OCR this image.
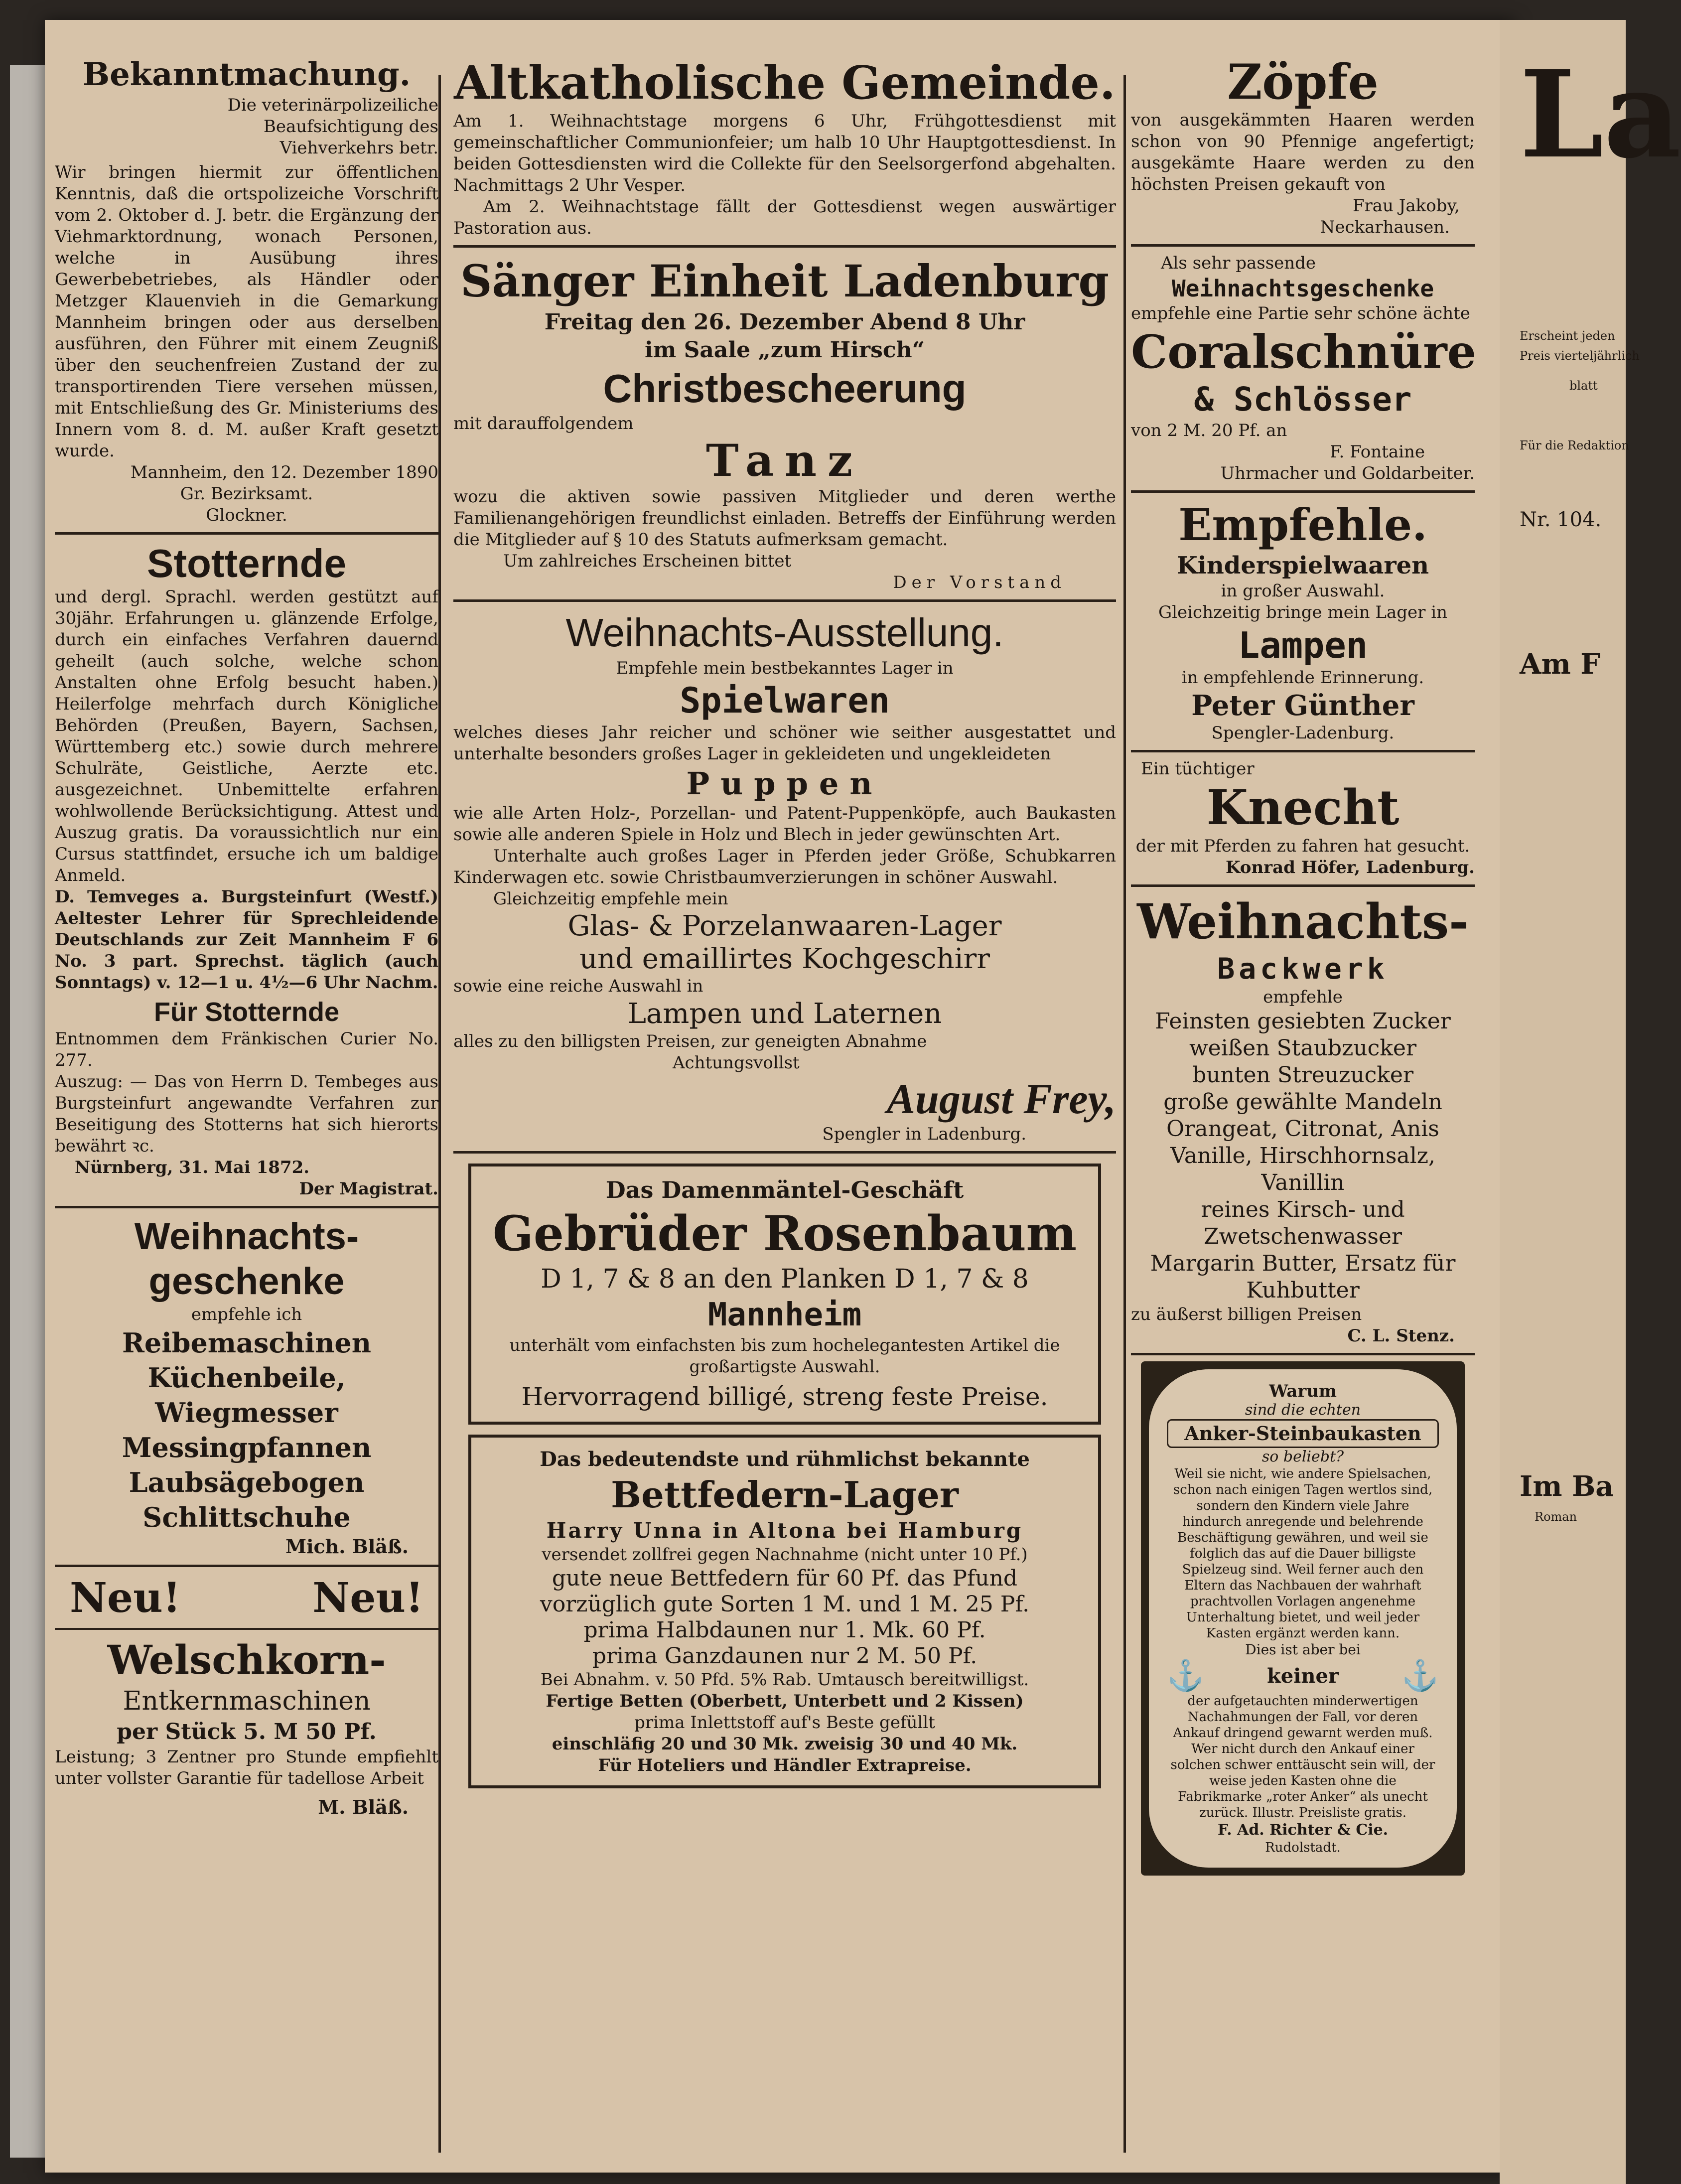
Bekanntmachung.
Die veterinärpolizeiliche Beaufsichtigung des Viehverkehrs betr.
Wir bringen hiermit zur öffentlichen Kenntnis, daß die ortspolizeiche Vorschrift vom 2. Oktober d. J. betr. die Ergänzung der Viehmarktordnung, wonach Personen, welche in Ausübung ihres Gewerbebetriebes, als Händler oder Metzger Klauenvieh in die Gemarkung Mannheim bringen oder aus derselben ausführen, den Führer mit einem Zeugniß über den seuchenfreien Zustand der zu transportirenden Tiere versehen müssen, mit Entschließung des Gr. Ministeriums des Innern vom 8. d. M. außer Kraft gesetzt wurde.
Mannheim, den 12. Dezember 1890
Gr. Bezirksamt.
Glockner.
Stotternde
und dergl. Sprachl. werden gestützt auf 30jähr. Erfahrungen u. glänzende Erfolge, durch ein einfaches Verfahren dauernd geheilt (auch solche, welche schon Anstalten ohne Erfolg besucht haben.) Heilerfolge mehrfach durch Königliche Behörden (Preußen, Bayern, Sachsen, Württemberg etc.) sowie durch mehrere Schulräte, Geistliche, Aerzte etc. ausgezeichnet. Unbemittelte erfahren wohlwollende Berücksichtigung. Attest und Auszug gratis. Da voraussichtlich nur ein Cursus stattfindet, ersuche ich um baldige Anmeld.
D. Temveges a. Burgsteinfurt (Westf.) Aeltester Lehrer für Sprechleidende Deutschlands zur Zeit Mannheim F 6 No. 3 part. Sprechst. täglich (auch Sonntags) v. 12—1 u. 4½—6 Uhr Nachm.
Für Stotternde
Entnommen dem Fränkischen Curier No. 277.
Auszug: — Das von Herrn D. Tembeges aus Burgsteinfurt angewandte Verfahren zur Beseitigung des Stotterns hat sich hierorts bewährt ꝛc.
Nürnberg, 31. Mai 1872.
Der Magistrat.
Weihnachts-
geschenke
empfehle ich
Reibemaschinen
Küchenbeile,
Wiegmesser
Messingpfannen
Laubsägebogen
Schlittschuhe
Mich. Bläß.
Neu!	Neu!
Welschkorn-
Entkernmaschinen
per Stück 5. M 50 Pf.
Leistung; 3 Zentner pro Stunde empfiehlt unter vollster Garantie für tadellose Arbeit
M. Bläß.
Altkatholische Gemeinde.
Am 1. Weihnachtstage morgens 6 Uhr, Frühgottesdienst mit gemeinschaftlicher Communionfeier; um halb 10 Uhr Hauptgottesdienst. In beiden Gottesdiensten wird die Collekte für den Seelsorgerfond abgehalten. Nachmittags 2 Uhr Vesper.
Am 2. Weihnachtstage fällt der Gottesdienst wegen auswärtiger Pastoration aus.
Sänger Einheit Ladenburg
Freitag den 26. Dezember Abend 8 Uhr
im Saale „zum Hirsch“
Christbescheerung
mit darauffolgendem
Tanz
wozu die aktiven sowie passiven Mitglieder und deren werthe Familienangehörigen freundlichst einladen. Betreffs der Einführung werden die Mitglieder auf § 10 des Statuts aufmerksam gemacht.
Um zahlreiches Erscheinen bittet
Der Vorstand
Weihnachts-Ausstellung.
Empfehle mein bestbekanntes Lager in
Spielwaren
welches dieses Jahr reicher und schöner wie seither ausgestattet und unterhalte besonders großes Lager in gekleideten und ungekleideten
Puppen
wie alle Arten Holz-, Porzellan- und Patent-Puppenköpfe, auch Baukasten sowie alle anderen Spiele in Holz und Blech in jeder gewünschten Art.
Unterhalte auch großes Lager in Pferden jeder Größe, Schubkarren Kinderwagen etc. sowie Christbaumverzierungen in schöner Auswahl.
Gleichzeitig empfehle mein
Glas- & Porzelanwaaren-Lager
und emaillirtes Kochgeschirr
sowie eine reiche Auswahl in
Lampen und Laternen
alles zu den billigsten Preisen, zur geneigten Abnahme
Achtungsvollst
August Frey,
Spengler in Ladenburg.
Das Damenmäntel-Geschäft
Gebrüder Rosenbaum
D 1, 7 & 8 an den Planken D 1, 7 & 8
Mannheim
unterhält vom einfachsten bis zum hochelegantesten Artikel die großartigste Auswahl.
Hervorragend billigé, streng feste Preise.
Das bedeutendste und rühmlichst bekannte
Bettfedern-Lager
Harry Unna in Altona bei Hamburg
versendet zollfrei gegen Nachnahme (nicht unter 10 Pf.)
gute neue Bettfedern für 60 Pf. das Pfund
vorzüglich gute Sorten 1 M. und 1 M. 25 Pf.
prima Halbdaunen nur 1. Mk. 60 Pf.
prima Ganzdaunen nur 2 M. 50 Pf.
Bei Abnahm. v. 50 Pfd. 5% Rab. Umtausch bereitwilligst.
Fertige Betten (Oberbett, Unterbett und 2 Kissen)
prima Inlettstoff auf's Beste gefüllt
einschläfig 20 und 30 Mk. zweisig 30 und 40 Mk.
Für Hoteliers und Händler Extrapreise.
Zöpfe
von ausgekämmten Haaren werden schon von 90 Pfennige angefertigt; ausgekämte Haare werden zu den höchsten Preisen gekauft von
Frau Jakoby,
Neckarhausen.
Als sehr passende
Weihnachtsgeschenke
empfehle eine Partie sehr schöne ächte
Coralschnüre
& Schlösser
von 2 M. 20 Pf. an
F. Fontaine
Uhrmacher und Goldarbeiter.
Empfehle.
Kinderspielwaaren
in großer Auswahl.
Gleichzeitig bringe mein Lager in
Lampen
in empfehlende Erinnerung.
Peter Günther
Spengler-Ladenburg.
Ein tüchtiger
Knecht
der mit Pferden zu fahren hat gesucht.
Konrad Höfer, Ladenburg.
Weihnachts-
Backwerk
empfehle
Feinsten gesiebten Zucker
weißen Staubzucker
bunten Streuzucker
große gewählte Mandeln
Orangeat, Citronat, Anis
Vanille, Hirschhornsalz,
Vanillin
reines Kirsch- und
Zwetschenwasser
Margarin Butter, Ersatz für
Kuhbutter
zu äußerst billigen Preisen
C. L. Stenz.
Warum
sind die echten
Anker-Steinbaukasten
so beliebt?
Weil sie nicht, wie andere Spielsachen, schon nach einigen Tagen wertlos sind, sondern den Kindern viele Jahre hindurch anregende und belehrende Beschäftigung gewähren, und weil sie folglich das auf die Dauer billigste Spielzeug sind. Weil ferner auch den Eltern das Nachbauen der wahrhaft prachtvollen Vorlagen angenehme Unterhaltung bietet, und weil jeder Kasten ergänzt werden kann.
Dies ist aber bei
⚓	keiner ⚓
der aufgetauchten minderwertigen Nachahmungen der Fall, vor deren Ankauf dringend gewarnt werden muß. Wer nicht durch den Ankauf einer solchen schwer enttäuscht sein will, der weise jeden Kasten ohne die Fabrikmarke „roter Anker“ als unecht zurück. Illustr. Preisliste gratis.
F. Ad. Richter & Cie.
Rudolstadt.
La
Erscheint jeden
Preis vierteljährlich
blatt
Für die Redaktion
Nr. 104.
Am F
Im Ba
Roman
